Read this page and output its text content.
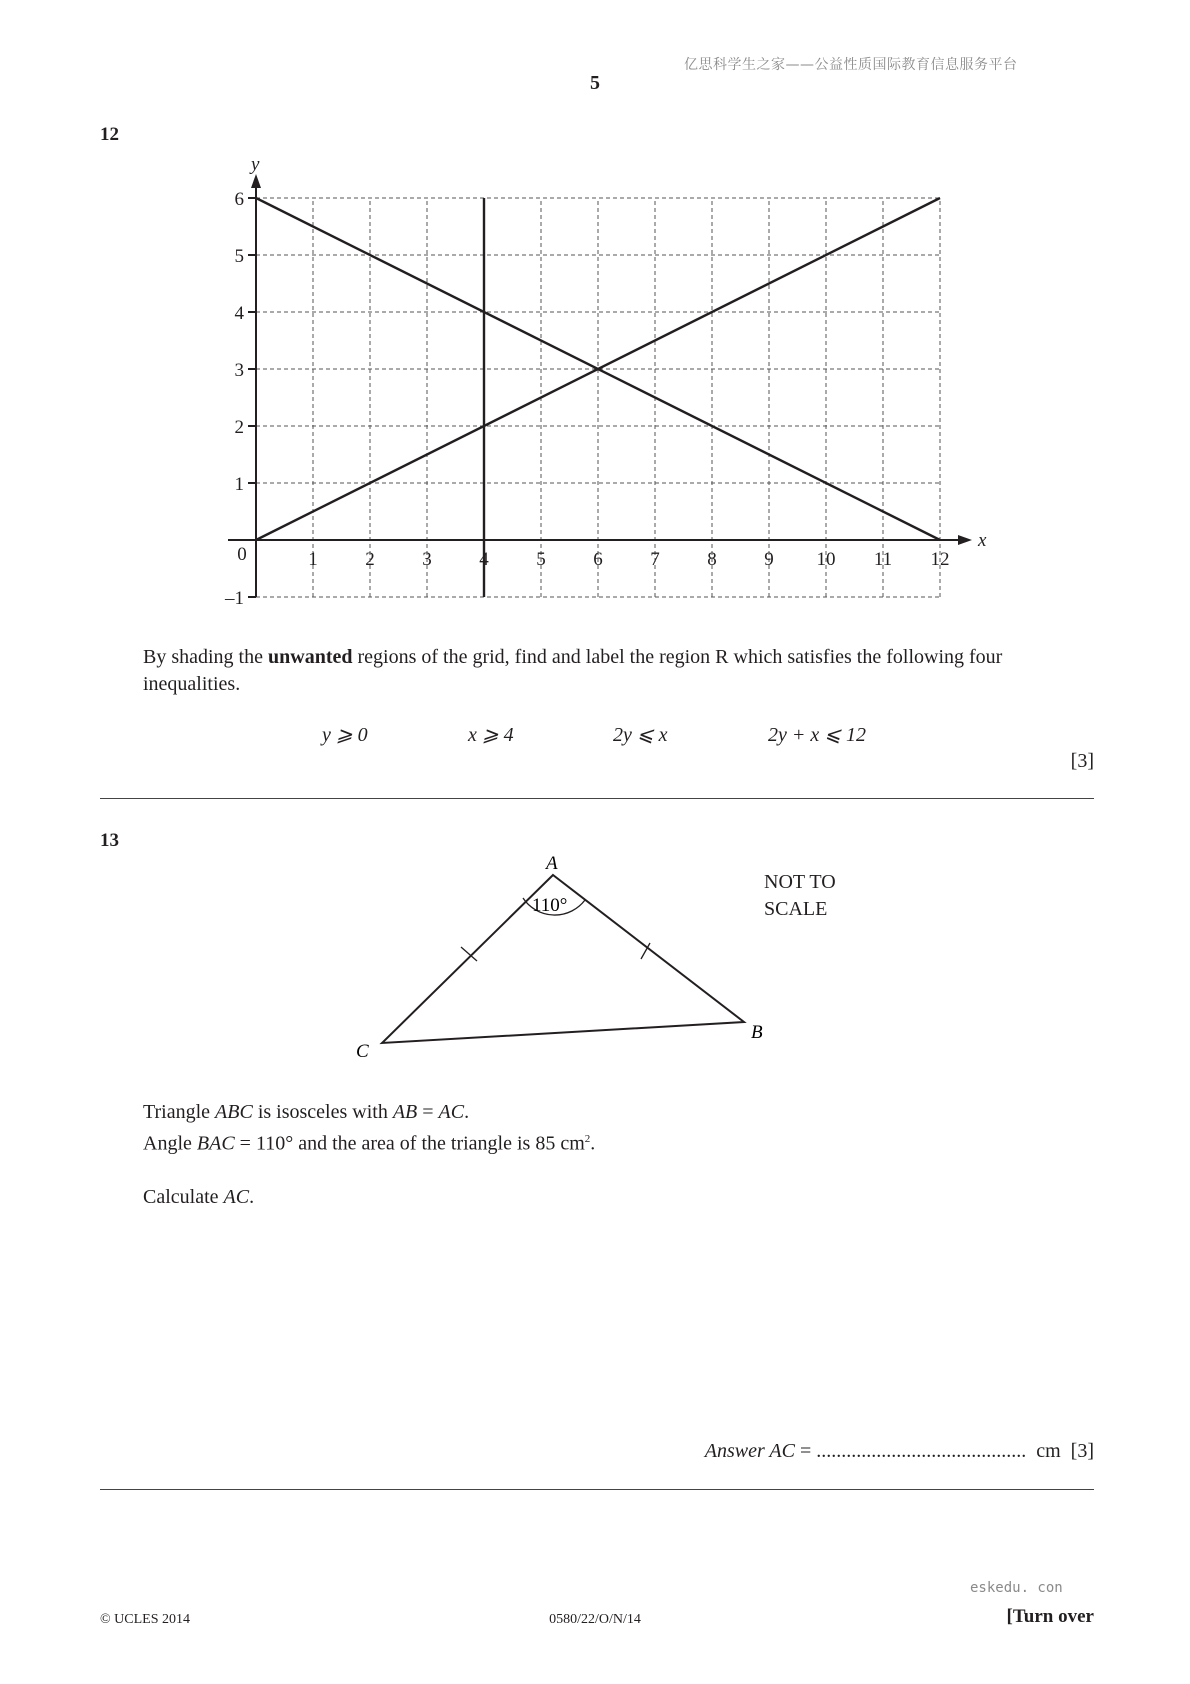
亿思科学生之家——公益性质国际教育信息服务平台
5
12
1	2	3	4	5	6	7	8	9 10 11 12
–1
1
2
3
4
5
6
0
x
y
By shading the unwanted regions of the grid, find and label the region R which satisfies the following four
inequalities.
y ⩾ 0	x ⩾ 4	2y ⩽ x	2y + x ⩽ 12
[3]
13
A
B
C
110°
NOT TO
SCALE
Triangle ABC is isosceles with AB = AC.
Angle BAC = 110° and the area of the triangle is 85 $cm^2$.
Calculate AC.
Answer AC = .......................................... cm [3]
eskedu. con
© UCLES 2014	0580/22/O/N/14	[Turn over
